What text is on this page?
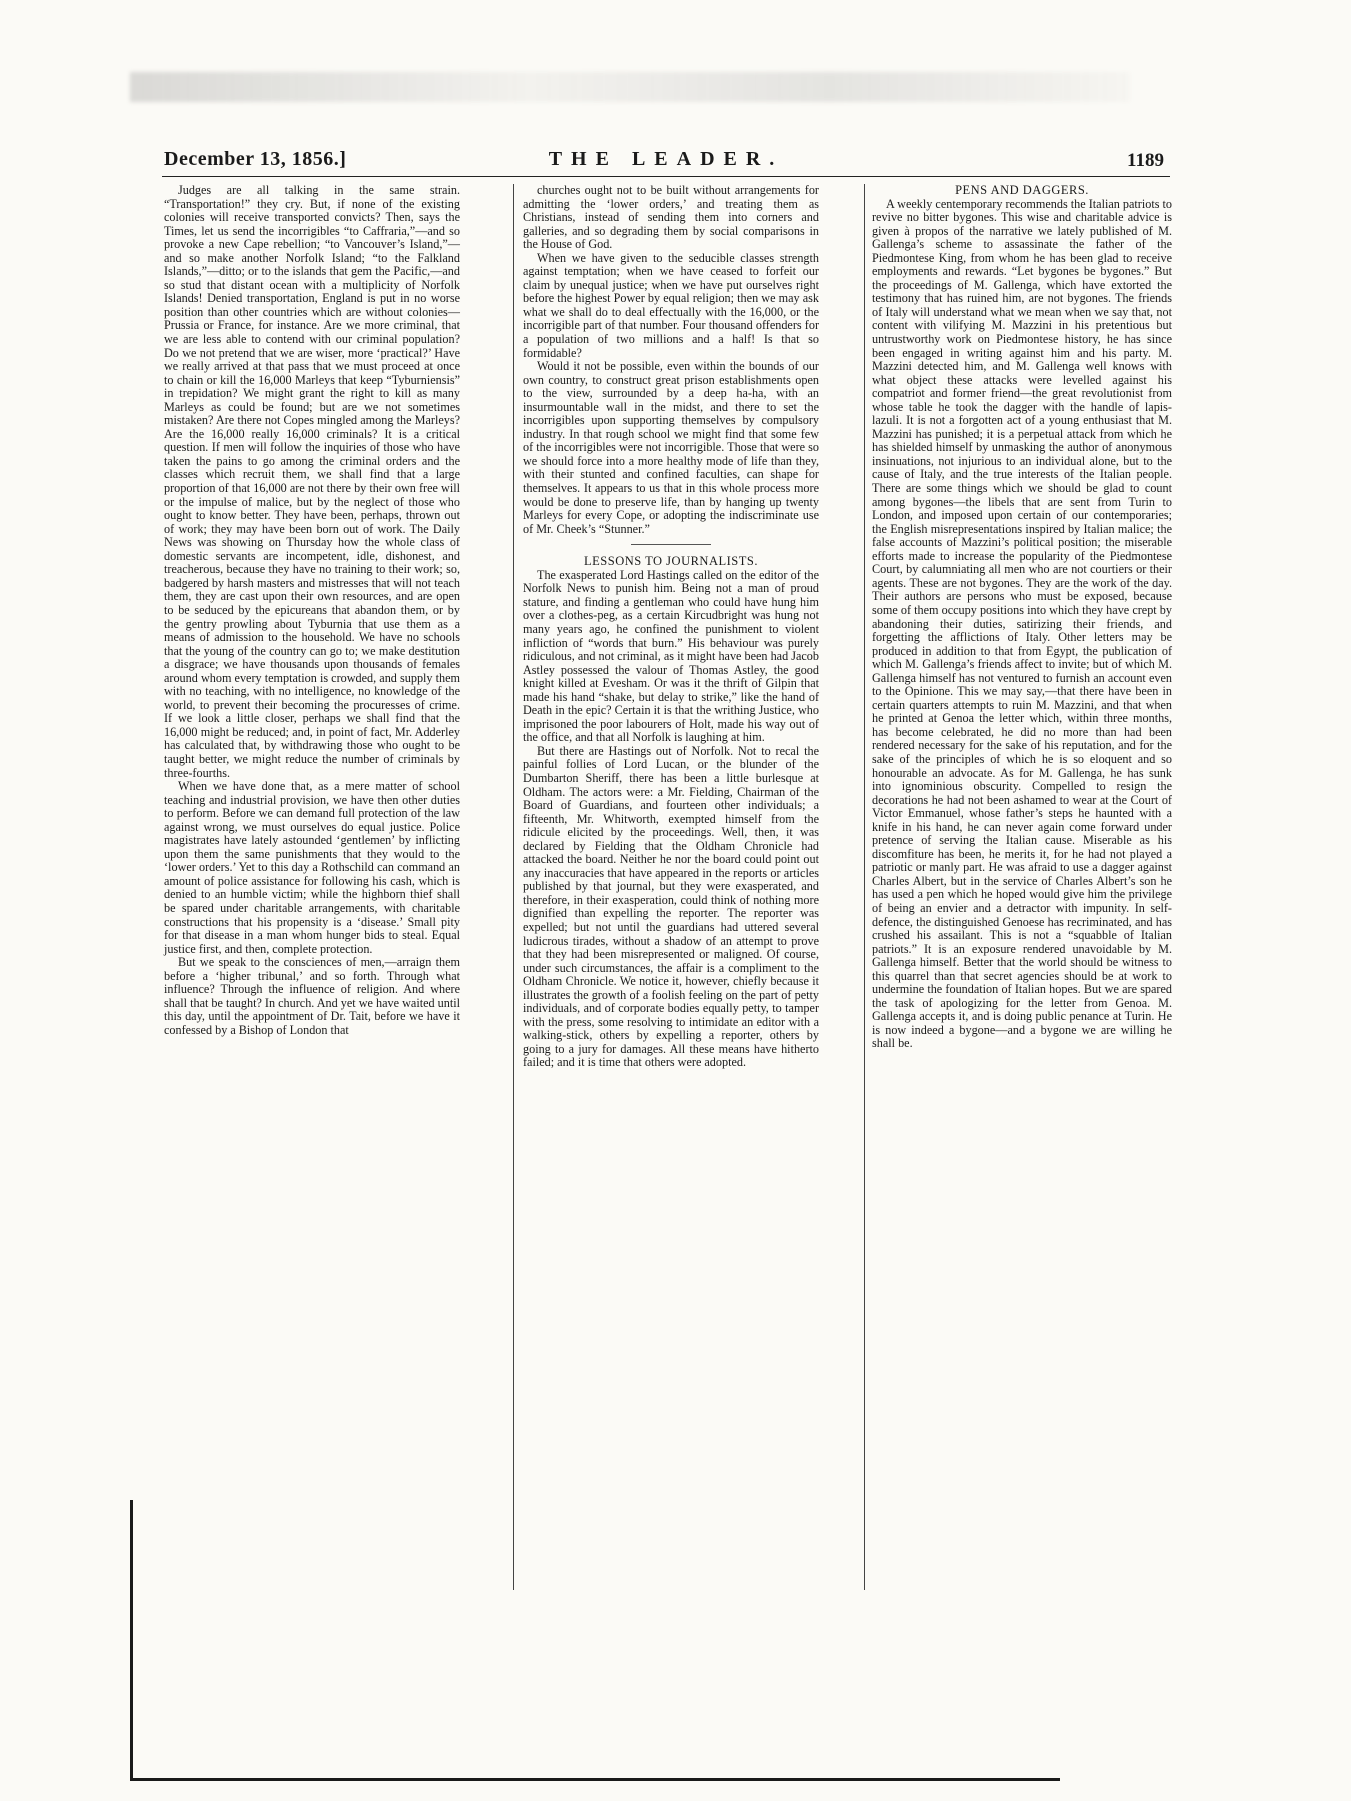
December 13, 1856.]	THE LEADER.	1189

Judges are all talking in the same strain. “Transportation!” they cry. But, if none of the existing colonies will receive transported convicts? Then, says the Times, let us send the incorrigibles “to Caffraria,”—and so provoke a new Cape rebellion; “to Vancouver’s Island,”—and so make another Norfolk Island; “to the Falkland Islands,”—ditto; or to the islands that gem the Pacific,—and so stud that distant ocean with a multiplicity of Norfolk Islands! Denied transportation, England is put in no worse position than other countries which are without colonies—Prussia or France, for instance. Are we more criminal, that we are less able to contend with our criminal population? Do we not pretend that we are wiser, more ‘practical?’ Have we really arrived at that pass that we must proceed at once to chain or kill the 16,000 Marleys that keep “Tyburniensis” in trepidation? We might grant the right to kill as many Marleys as could be found; but are we not sometimes mistaken? Are there not Copes mingled among the Marleys? Are the 16,000 really 16,000 criminals? It is a critical question. If men will follow the inquiries of those who have taken the pains to go among the criminal orders and the classes which recruit them, we shall find that a large proportion of that 16,000 are not there by their own free will or the impulse of malice, but by the neglect of those who ought to know better. They have been, perhaps, thrown out of work; they may have been born out of work. The Daily News was showing on Thursday how the whole class of domestic servants are incompetent, idle, dishonest, and treacherous, because they have no training to their work; so, badgered by harsh masters and mistresses that will not teach them, they are cast upon their own resources, and are open to be seduced by the epicureans that abandon them, or by the gentry prowling about Tyburnia that use them as a means of admission to the household. We have no schools that the young of the country can go to; we make destitution a disgrace; we have thousands upon thousands of females around whom every temptation is crowded, and supply them with no teaching, with no intelligence, no knowledge of the world, to prevent their becoming the procuresses of crime. If we look a little closer, perhaps we shall find that the 16,000 might be reduced; and, in point of fact, Mr. Adderley has calculated that, by withdrawing those who ought to be taught better, we might reduce the number of criminals by three-fourths.

When we have done that, as a mere matter of school teaching and industrial provision, we have then other duties to perform. Before we can demand full protection of the law against wrong, we must ourselves do equal justice. Police magistrates have lately astounded ‘gentlemen’ by inflicting upon them the same punishments that they would to the ‘lower orders.’ Yet to this day a Rothschild can command an amount of police assistance for following his cash, which is denied to an humble victim; while the highborn thief shall be spared under charitable arrangements, with charitable constructions that his propensity is a ‘disease.’ Small pity for that disease in a man whom hunger bids to steal. Equal justice first, and then, complete protection.

But we speak to the consciences of men,—arraign them before a ‘higher tribunal,’ and so forth. Through what influence? Through the influence of religion. And where shall that be taught? In church. And yet we have waited until this day, until the appointment of Dr. Tait, before we have it confessed by a Bishop of London that

churches ought not to be built without arrangements for admitting the ‘lower orders,’ and treating them as Christians, instead of sending them into corners and galleries, and so degrading them by social comparisons in the House of God.

When we have given to the seducible classes strength against temptation; when we have ceased to forfeit our claim by unequal justice; when we have put ourselves right before the highest Power by equal religion; then we may ask what we shall do to deal effectually with the 16,000, or the incorrigible part of that number. Four thousand offenders for a population of two millions and a half! Is that so formidable?

Would it not be possible, even within the bounds of our own country, to construct great prison establishments open to the view, surrounded by a deep ha-ha, with an insurmountable wall in the midst, and there to set the incorrigibles upon supporting themselves by compulsory industry. In that rough school we might find that some few of the incorrigibles were not incorrigible. Those that were so we should force into a more healthy mode of life than they, with their stunted and confined faculties, can shape for themselves. It appears to us that in this whole process more would be done to preserve life, than by hanging up twenty Marleys for every Cope, or adopting the indiscriminate use of Mr. Cheek’s “Stunner.”

LESSONS TO JOURNALISTS.

The exasperated Lord Hastings called on the editor of the Norfolk News to punish him. Being not a man of proud stature, and finding a gentleman who could have hung him over a clothes-peg, as a certain Kircudbright was hung not many years ago, he confined the punishment to violent infliction of “words that burn.” His behaviour was purely ridiculous, and not criminal, as it might have been had Jacob Astley possessed the valour of Thomas Astley, the good knight killed at Evesham. Or was it the thrift of Gilpin that made his hand “shake, but delay to strike,” like the hand of Death in the epic? Certain it is that the writhing Justice, who imprisoned the poor labourers of Holt, made his way out of the office, and that all Norfolk is laughing at him.

But there are Hastings out of Norfolk. Not to recal the painful follies of Lord Lucan, or the blunder of the Dumbarton Sheriff, there has been a little burlesque at Oldham. The actors were: a Mr. Fielding, Chairman of the Board of Guardians, and fourteen other individuals; a fifteenth, Mr. Whitworth, exempted himself from the ridicule elicited by the proceedings. Well, then, it was declared by Fielding that the Oldham Chronicle had attacked the board. Neither he nor the board could point out any inaccuracies that have appeared in the reports or articles published by that journal, but they were exasperated, and therefore, in their exasperation, could think of nothing more dignified than expelling the reporter. The reporter was expelled; but not until the guardians had uttered several ludicrous tirades, without a shadow of an attempt to prove that they had been misrepresented or maligned. Of course, under such circumstances, the affair is a compliment to the Oldham Chronicle. We notice it, however, chiefly because it illustrates the growth of a foolish feeling on the part of petty individuals, and of corporate bodies equally petty, to tamper with the press, some resolving to intimidate an editor with a walking-stick, others by expelling a reporter, others by going to a jury for damages. All these means have hitherto failed; and it is time that others were adopted.

PENS AND DAGGERS.

A weekly centemporary recommends the Italian patriots to revive no bitter bygones. This wise and charitable advice is given à propos of the narrative we lately published of M. Gallenga’s scheme to assassinate the father of the Piedmontese King, from whom he has been glad to receive employments and rewards. “Let bygones be bygones.” But the proceedings of M. Gallenga, which have extorted the testimony that has ruined him, are not bygones. The friends of Italy will understand what we mean when we say that, not content with vilifying M. Mazzini in his pretentious but untrustworthy work on Piedmontese history, he has since been engaged in writing against him and his party. M. Mazzini detected him, and M. Gallenga well knows with what object these attacks were levelled against his compatriot and former friend—the great revolutionist from whose table he took the dagger with the handle of lapis-lazuli. It is not a forgotten act of a young enthusiast that M. Mazzini has punished; it is a perpetual attack from which he has shielded himself by unmasking the author of anonymous insinuations, not injurious to an individual alone, but to the cause of Italy, and the true interests of the Italian people. There are some things which we should be glad to count among bygones—the libels that are sent from Turin to London, and imposed upon certain of our contemporaries; the English misrepresentations inspired by Italian malice; the false accounts of Mazzini’s political position; the miserable efforts made to increase the popularity of the Piedmontese Court, by calumniating all men who are not courtiers or their agents. These are not bygones. They are the work of the day. Their authors are persons who must be exposed, because some of them occupy positions into which they have crept by abandoning their duties, satirizing their friends, and forgetting the afflictions of Italy. Other letters may be produced in addition to that from Egypt, the publication of which M. Gallenga’s friends affect to invite; but of which M. Gallenga himself has not ventured to furnish an account even to the Opinione. This we may say,—that there have been in certain quarters attempts to ruin M. Mazzini, and that when he printed at Genoa the letter which, within three months, has become celebrated, he did no more than had been rendered necessary for the sake of his reputation, and for the sake of the principles of which he is so eloquent and so honourable an advocate. As for M. Gallenga, he has sunk into ignominious obscurity. Compelled to resign the decorations he had not been ashamed to wear at the Court of Victor Emmanuel, whose father’s steps he haunted with a knife in his hand, he can never again come forward under pretence of serving the Italian cause. Miserable as his discomfiture has been, he merits it, for he had not played a patriotic or manly part. He was afraid to use a dagger against Charles Albert, but in the service of Charles Albert’s son he has used a pen which he hoped would give him the privilege of being an envier and a detractor with impunity. In self-defence, the distinguished Genoese has recriminated, and has crushed his assailant. This is not a “squabble of Italian patriots.” It is an exposure rendered unavoidable by M. Gallenga himself. Better that the world should be witness to this quarrel than that secret agencies should be at work to undermine the foundation of Italian hopes. But we are spared the task of apologizing for the letter from Genoa. M. Gallenga accepts it, and is doing public penance at Turin. He is now indeed a bygone—and a bygone we are willing he shall be.
